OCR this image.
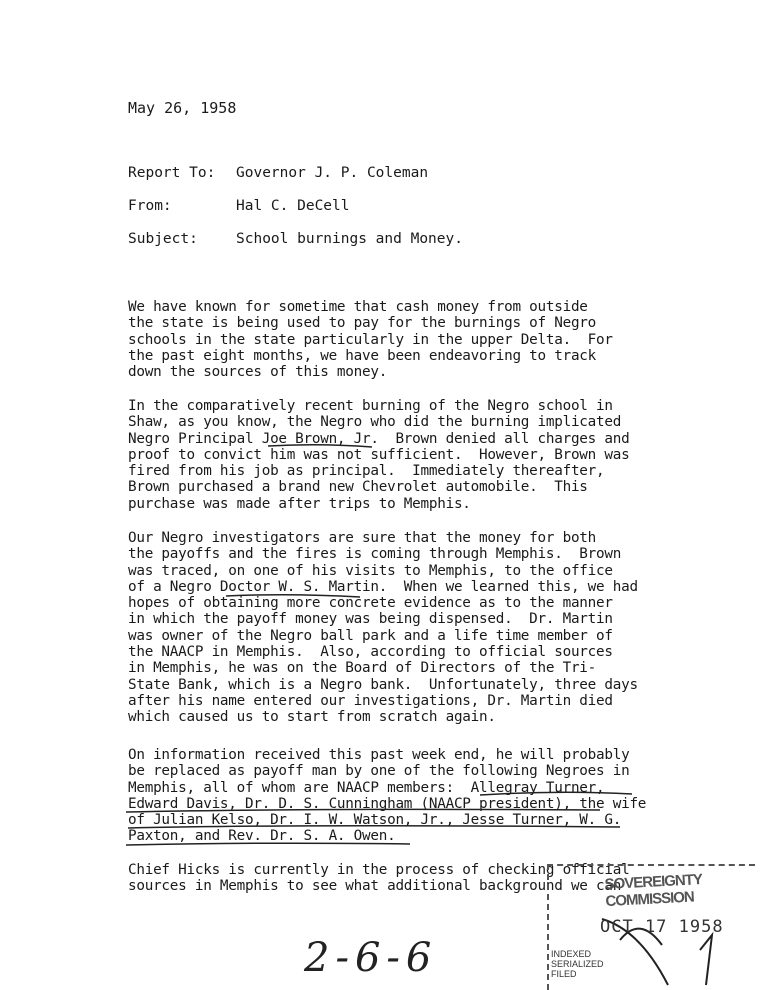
May 26, 1958
Report To: Governor J. P. Coleman
From:	Hal C. DeCell
Subject:	School burnings and Money.
We have known for sometime that cash money from outside
the state is being used to pay for the burnings of Negro
schools in the state particularly in the upper Delta.  For
the past eight months, we have been endeavoring to track
down the sources of this money.
In the comparatively recent burning of the Negro school in
Shaw, as you know, the Negro who did the burning implicated
Negro Principal Joe Brown, Jr.  Brown denied all charges and
proof to convict him was not sufficient.  However, Brown was
fired from his job as principal.  Immediately thereafter,
Brown purchased a brand new Chevrolet automobile.  This
purchase was made after trips to Memphis.
Our Negro investigators are sure that the money for both
the payoffs and the fires is coming through Memphis.  Brown
was traced, on one of his visits to Memphis, to the office
of a Negro Doctor W. S. Martin.  When we learned this, we had
hopes of obtaining more concrete evidence as to the manner
in which the payoff money was being dispensed.  Dr. Martin
was owner of the Negro ball park and a life time member of
the NAACP in Memphis.  Also, according to official sources
in Memphis, he was on the Board of Directors of the Tri-
State Bank, which is a Negro bank.  Unfortunately, three days
after his name entered our investigations, Dr. Martin died
which caused us to start from scratch again.
On information received this past week end, he will probably
be replaced as payoff man by one of the following Negroes in
Memphis, all of whom are NAACP members:  Allegray Turner,
Edward Davis, Dr. D. S. Cunningham (NAACP president), the wife
of Julian Kelso, Dr. I. W. Watson, Jr., Jesse Turner, W. G.
Paxton, and Rev. Dr. S. A. Owen.
Chief Hicks is currently in the process of checking official
sources in Memphis to see what additional background we can
SOVEREIGNTY COMMISSION
OCT 17 1958
INDEXED
SERIALIZED
FILED
2-6-6
